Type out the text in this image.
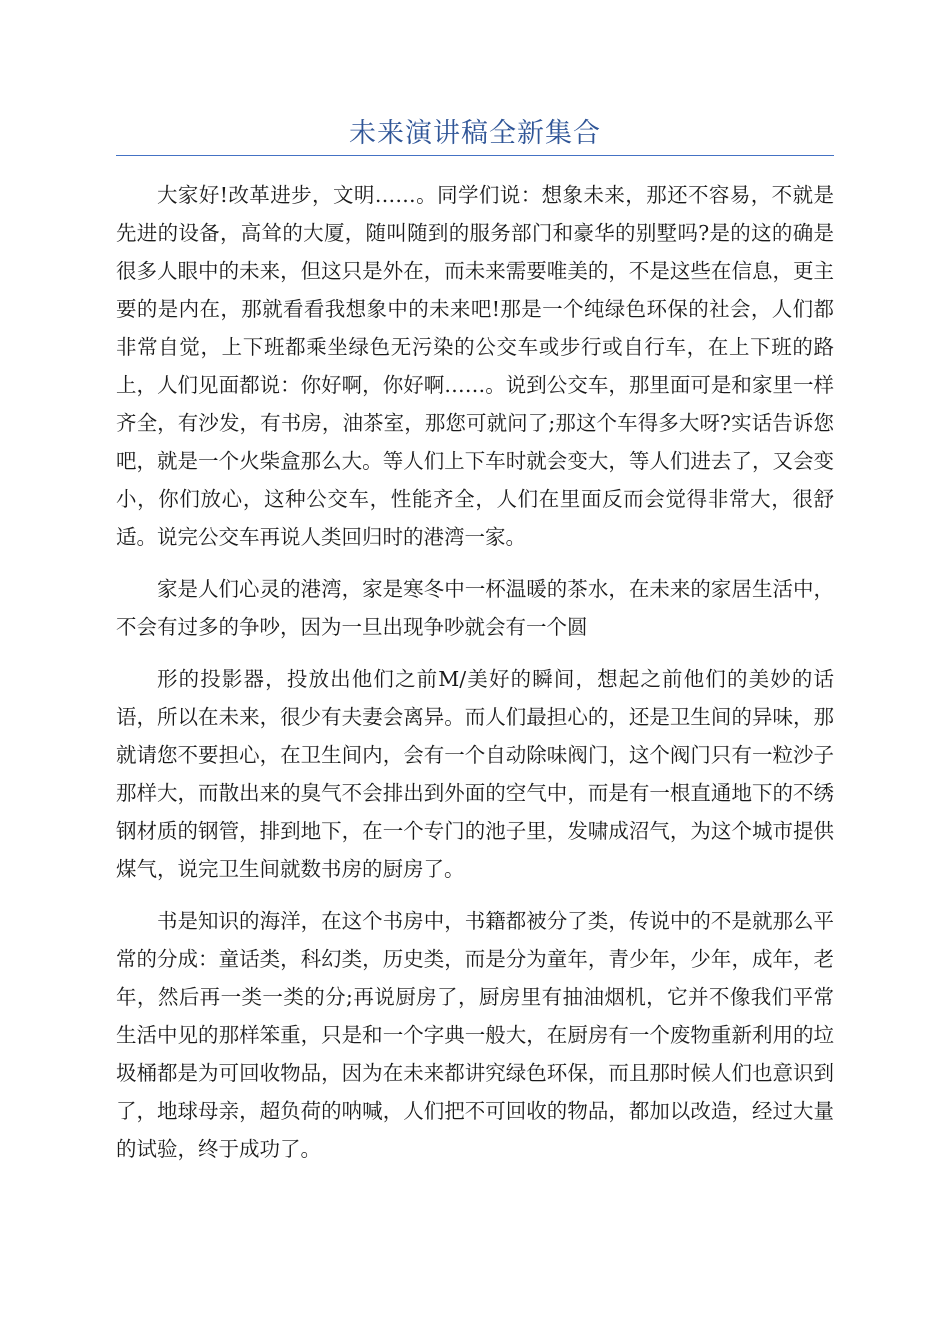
未来演讲稿全新集合

大家好!改革进步，文明……。同学们说：想象未来，那还不容易，不就是先进的设备，高耸的大厦，随叫随到的服务部门和豪华的别墅吗?是的这的确是很多人眼中的未来，但这只是外在，而未来需要唯美的，不是这些在信息，更主要的是内在，那就看看我想象中的未来吧!那是一个纯绿色环保的社会，人们都非常自觉，上下班都乘坐绿色无污染的公交车或步行或自行车，在上下班的路上，人们见面都说：你好啊，你好啊……。说到公交车，那里面可是和家里一样齐全，有沙发，有书房，油茶室，那您可就问了;那这个车得多大呀?实话告诉您吧，就是一个火柴盒那么大。等人们上下车时就会变大，等人们进去了，又会变小，你们放心，这种公交车，性能齐全，人们在里面反而会觉得非常大，很舒适。说完公交车再说人类回归时的港湾一家。

家是人们心灵的港湾，家是寒冬中一杯温暖的茶水，在未来的家居生活中，不会有过多的争吵，因为一旦出现争吵就会有一个圆

形的投影器，投放出他们之前M/美好的瞬间，想起之前他们的美妙的话语，所以在未来，很少有夫妻会离异。而人们最担心的，还是卫生间的异味，那就请您不要担心，在卫生间内，会有一个自动除味阀门，这个阀门只有一粒沙子那样大，而散出来的臭气不会排出到外面的空气中，而是有一根直通地下的不绣钢材质的钢管，排到地下，在一个专门的池子里，发啸成沼气，为这个城市提供煤气，说完卫生间就数书房的厨房了。

书是知识的海洋，在这个书房中，书籍都被分了类，传说中的不是就那么平常的分成：童话类，科幻类，历史类，而是分为童年，青少年，少年，成年，老年，然后再一类一类的分;再说厨房了，厨房里有抽油烟机，它并不像我们平常生活中见的那样笨重，只是和一个字典一般大，在厨房有一个废物重新利用的垃圾桶都是为可回收物品，因为在未来都讲究绿色环保，而且那时候人们也意识到了，地球母亲，超负荷的呐喊，人们把不可回收的物品，都加以改造，经过大量的试验，终于成功了。
